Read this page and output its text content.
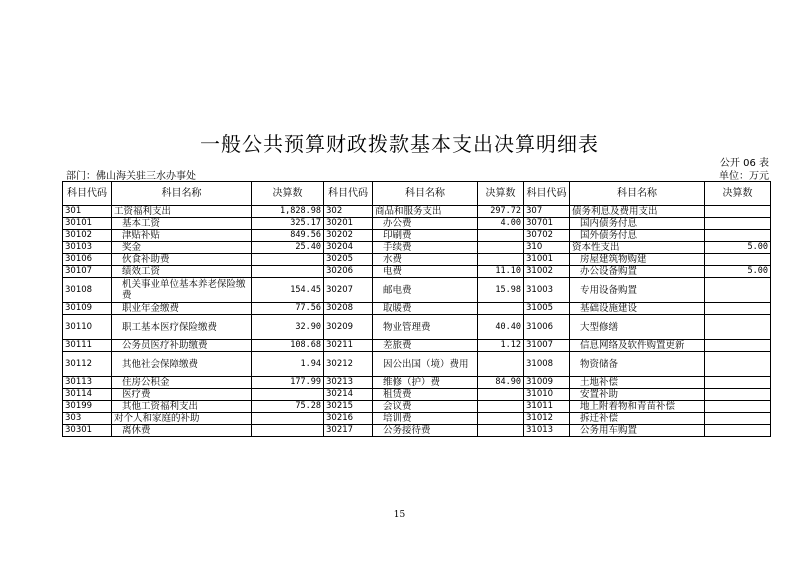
一般公共预算财政拨款基本支出决算明细表
公开 06 表
部门：佛山海关驻三水办事处	单位：万元
科目代码	科目名称	决算数	科目代码	科目名称	决算数	科目代码	科目名称	决算数
301	工资福利支出	1,828.98	302	商品和服务支出	297.72	307	债务利息及费用支出	
30101	基本工资	325.17	30201	办公费	4.00	30701	国内债务付息	
30102	津贴补贴	849.56	30202	印刷费		30702	国外债务付息	
30103	奖金	25.40	30204	手续费		310	资本性支出	5.00
30106	伙食补助费		30205	水费		31001	房屋建筑物购建	
30107	绩效工资		30206	电费	11.10	31002	办公设备购置	5.00
30108	机关事业单位基本养老保险缴费	154.45	30207	邮电费	15.98	31003	专用设备购置	
30109	职业年金缴费	77.56	30208	取暖费		31005	基础设施建设	
30110	职工基本医疗保险缴费	32.90	30209	物业管理费	40.40	31006	大型修缮	
30111	公务员医疗补助缴费	108.68	30211	差旅费	1.12	31007	信息网络及软件购置更新	
30112	其他社会保障缴费	1.94	30212	因公出国（境）费用		31008	物资储备	
30113	住房公积金	177.99	30213	维修（护）费	84.90	31009	土地补偿	
30114	医疗费		30214	租赁费		31010	安置补助	
30199	其他工资福利支出	75.28	30215	会议费		31011	地上附着物和青苗补偿	
303	对个人和家庭的补助		30216	培训费		31012	拆迁补偿	
30301	离休费		30217	公务接待费		31013	公务用车购置	
15
